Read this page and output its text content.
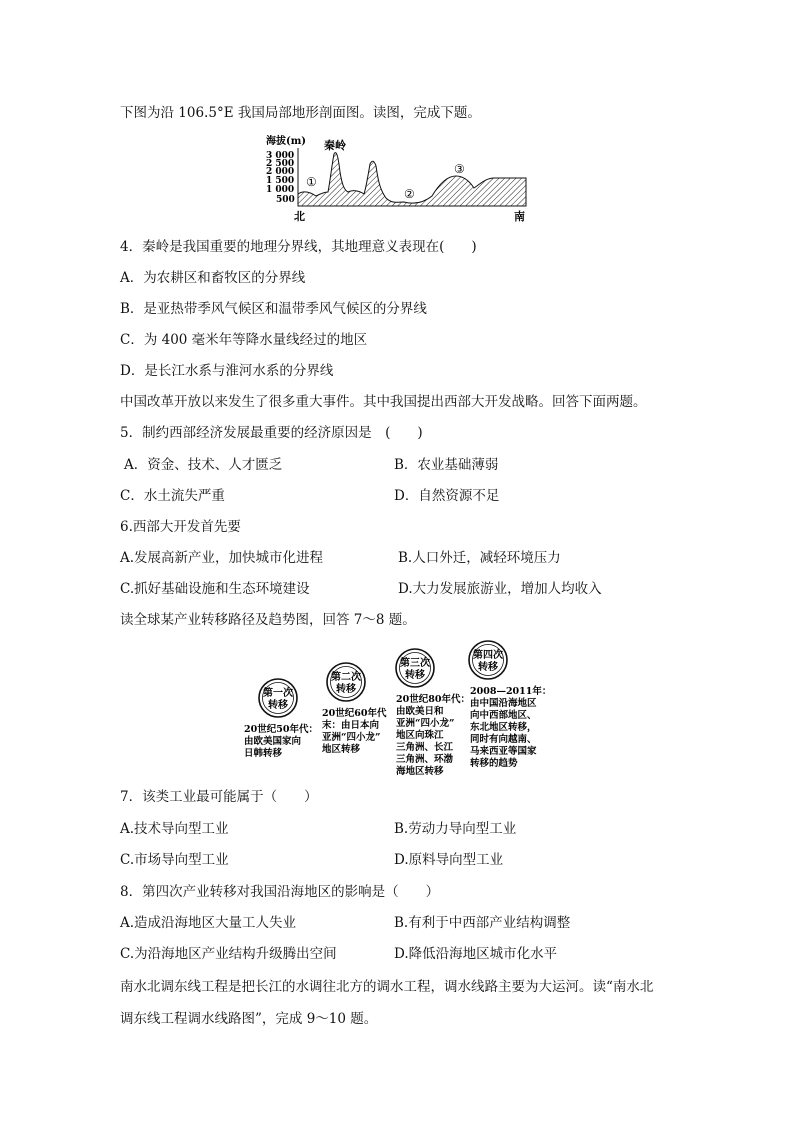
下图为沿 106.5°E 我国局部地形剖面图。读图，完成下题。
海拔(m)
3 000
2 500
2 000
1 500
1 000
500
秦岭
①
②
③
北	南
4．秦岭是我国重要的地理分界线，其地理意义表现在(　　)
A．为农耕区和畜牧区的分界线
B．是亚热带季风气候区和温带季风气候区的分界线
C．为 400 毫米年等降水量线经过的地区
D．是长江水系与淮河水系的分界线
中国改革开放以来发生了很多重大事件。其中我国提出西部大开发战略。回答下面两题。
5．制约西部经济发展最重要的经济原因是　(　　)
A．资金、技术、人才匮乏	B．农业基础薄弱
C．水土流失严重	D．自然资源不足
6.西部大开发首先要
A.发展高新产业，加快城市化进程	B.人口外迁，减轻环境压力
C.抓好基础设施和生态环境建设	D.大力发展旅游业，增加人均收入
读全球某产业转移路径及趋势图，回答 7～8 题。
第一次
转移
20世纪50年代：
由欧美国家向
日韩转移
第二次
转移
20世纪60年代
末：由日本向
亚洲“四小龙”
地区转移
第三次
转移
20世纪80年代：
由欧美日和
亚洲“四小龙”
地区向珠江
三角洲、长江
三角洲、环渤
海地区转移
第四次
转移
2008—2011年：
由中国沿海地区
向中西部地区、
东北地区转移，
同时有向越南、
马来西亚等国家
转移的趋势
7．该类工业最可能属于（　　）
A.技术导向型工业	B.劳动力导向型工业
C.市场导向型工业	D.原料导向型工业
8．第四次产业转移对我国沿海地区的影响是（　　）
A.造成沿海地区大量工人失业	B.有利于中西部产业结构调整
C.为沿海地区产业结构升级腾出空间	D.降低沿海地区城市化水平
南水北调东线工程是把长江的水调往北方的调水工程，调水线路主要为大运河。读“南水北
调东线工程调水线路图”，完成 9～10 题。
